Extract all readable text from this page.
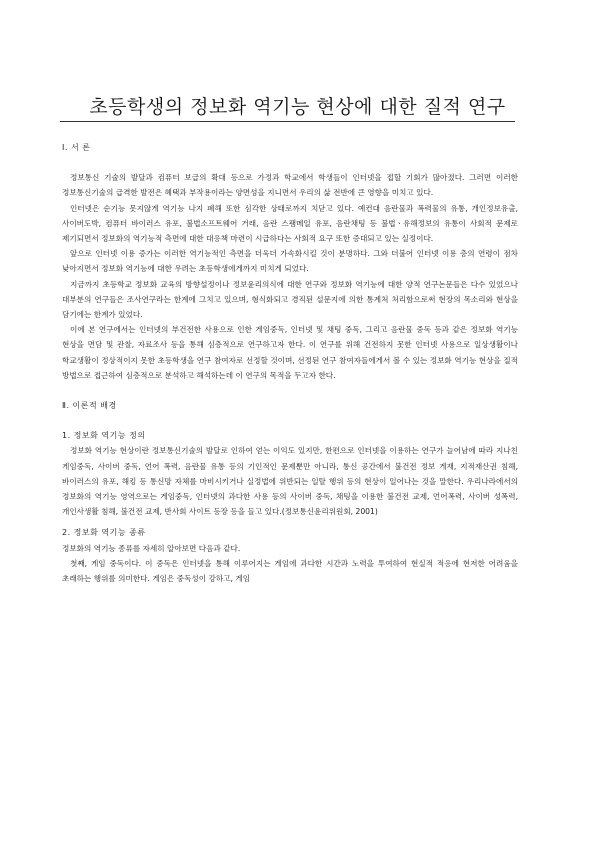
초등학생의 정보화 역기능 현상에 대한 질적 연구

Ⅰ. 서 론

정보통신 기술의 발달과 컴퓨터 보급의 확대 등으로 가정과 학교에서 학생들이 인터넷을 접할 기회가 많아졌다. 그러면 이러한 정보통신기술의 급격한 발전은 혜택과 부작용이라는 양면성을 지니면서 우리의 삶 전반에 큰 영향을 미치고 있다.

인터넷은 순기능 못지않게 역기능 나지 폐해 또한 심각한 상태로까지 치닫고 있다. 예컨대 음란물과 폭력물의 유통, 개인정보유출, 사이버도박, 컴퓨터 바이러스 유포, 불법소프트웨어 거래, 음란 스팸메일 유포, 음란채팅 등 불법ㆍ유해정보의 유통이 사회적 문제로 제기되면서 정보화의 역기능적 측면에 대한 대응책 마련이 시급하다는 사회적 요구 또한 증대되고 있는 실정이다.

앞으로 인터넷 이용 증가는 이러한 역기능적인 측면을 더욱더 가속화시킬 것이 분명하다. 그와 더불어 인터넷 이용 층의 연령이 점차 낮아지면서 정보화 역기능에 대한 우려는 초등학생에게까지 미치게 되었다.

지금까지 초등학교 정보화 교육의 방향설정이나 정보윤리의식에 대한 연구와 정보화 역기능에 대한 양적 연구논문들은 다수 있었으나 대부분의 연구들은 조사연구라는 한계에 그치고 있으며, 형식화되고 경직된 설문지에 의한 통계처 처리함으로써 현장의 목소리와 현상을 담기에는 한계가 있었다.

이에 본 연구에서는 인터넷의 부건전한 사용으로 인한 게임중독, 인터넷 및 채팅 중독, 그리고 음란물 중독 등과 같은 정보화 역기능 현상을 면담 및 관찰, 자료조사 등을 통해 심층적으로 연구하고자 한다. 이 연구를 위해 건전하지 못한 인터넷 사용으로 일상생활이나 학교생활이 정상적이지 못한 초등학생을 연구 참여자로 선정할 것이며, 선정된 연구 참여자들에게서 볼 수 있는 정보화 역기능 현상을 질적 방법으로 접근하여 심층적으로 분석하고 해석하는데 이 연구의 목적을 두고자 한다.

Ⅱ. 이론적 배경

1. 정보화 역기능 정의

정보화 역기능 현상이란 정보통신기술의 발달로 인하여 얻는 이익도 있지만, 한편으로 인터넷을 이용하는 연구가 늘어남에 따라 지나친 게임중독, 사이버 중독, 언어 폭력, 음란물 유통 등의 기인적인 문제뿐만 아니라, 통신 공간에서 불건전 정보 게재, 지적재산권 침해, 바이러스의 유포, 해킹 등 통신망 자체를 마비시키거나 실정법에 위반되는 일탈 행위 등의 현상이 일어나는 것을 말한다. 우리나라에서의 정보화의 역기능 영역으로는 게임중독, 인터넷의 과다한 사용 등의 사이버 중독, 채팅을 이용한 불건전 교제, 언어폭력, 사이버 성폭력, 개인사생활 침해, 불건전 교제, 반사회 사이트 등장 등을 들고 있다.(정보통신윤리위원회, 2001)

2. 정보화 역기능 종류

정보화의 역기능 종류를 자세히 알아보면 다음과 같다.

첫째, 게임 중독이다. 이 중독은 인터넷을 통해 이루어지는 게임에 과다한 시간과 노력을 투여하여 현실적 적응에 현저한 어려움을 초래하는 행위를 의미한다. 게임은 중독성이 강하고, 게임
